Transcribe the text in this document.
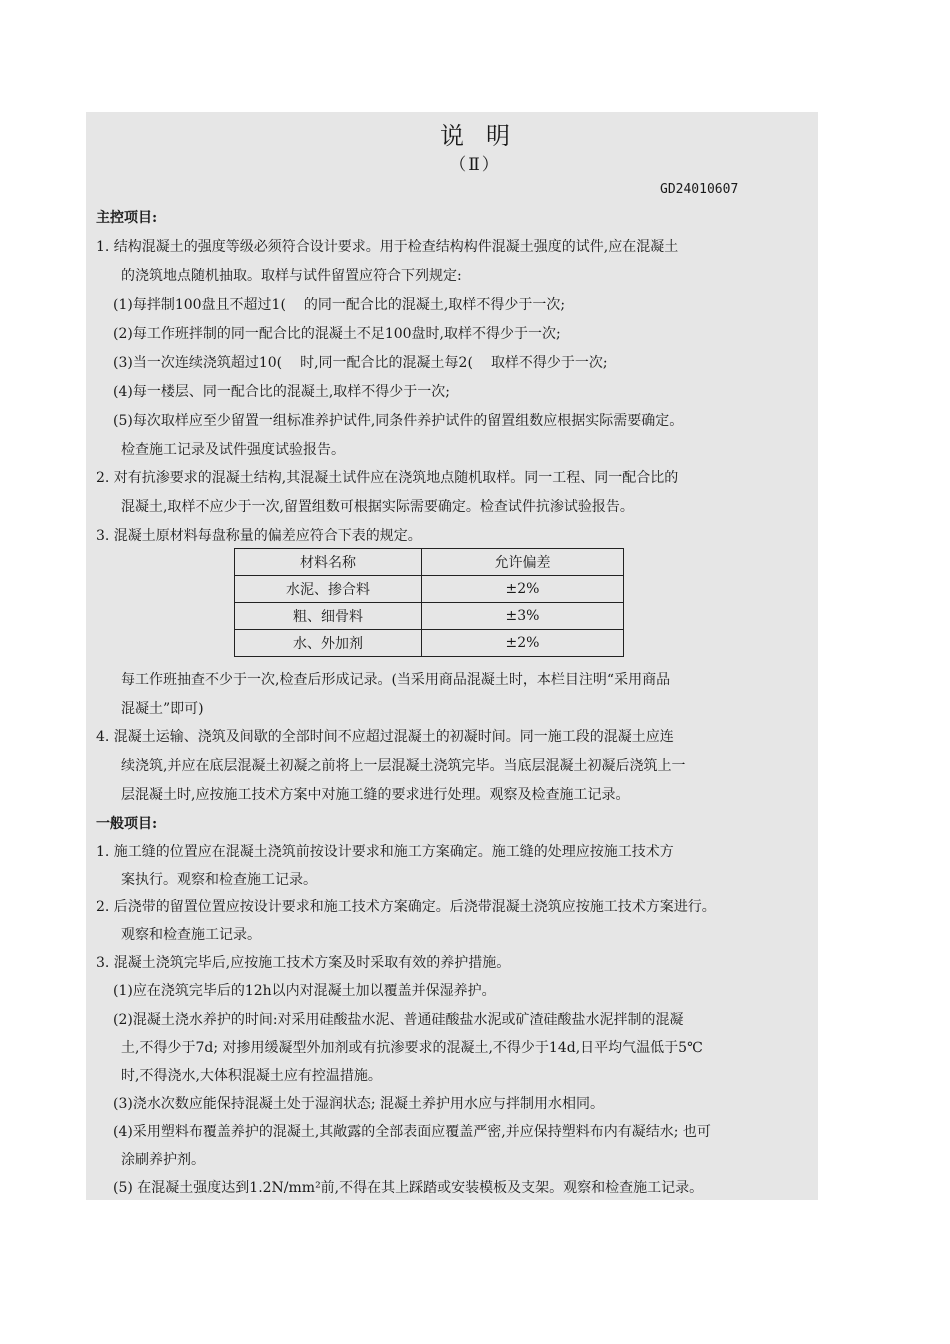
说明
（Ⅱ）
GD24010607
主控项目:
1. 结构混凝土的强度等级必须符合设计要求。用于检查结构构件混凝土强度的试件,应在混凝土
的浇筑地点随机抽取。取样与试件留置应符合下列规定:
(1)每拌制100盘且不超过1( 的同一配合比的混凝土,取样不得少于一次;
(2)每工作班拌制的同一配合比的混凝土不足100盘时,取样不得少于一次;
(3)当一次连续浇筑超过10( 时,同一配合比的混凝土每2( 取样不得少于一次;
(4)每一楼层、同一配合比的混凝土,取样不得少于一次;
(5)每次取样应至少留置一组标准养护试件,同条件养护试件的留置组数应根据实际需要确定。
检查施工记录及试件强度试验报告。
2. 对有抗渗要求的混凝土结构,其混凝土试件应在浇筑地点随机取样。同一工程、同一配合比的
混凝土,取样不应少于一次,留置组数可根据实际需要确定。检查试件抗渗试验报告。
3. 混凝土原材料每盘称量的偏差应符合下表的规定。
材料名称	允许偏差
水泥、掺合料	±2%
粗、细骨料	±3%
水、外加剂	±2%
每工作班抽查不少于一次,检查后形成记录。(当采用商品混凝土时，本栏目注明“采用商品
混凝土”即可)
4. 混凝土运输、浇筑及间歇的全部时间不应超过混凝土的初凝时间。同一施工段的混凝土应连
续浇筑,并应在底层混凝土初凝之前将上一层混凝土浇筑完毕。当底层混凝土初凝后浇筑上一
层混凝土时,应按施工技术方案中对施工缝的要求进行处理。观察及检查施工记录。
一般项目:
1. 施工缝的位置应在混凝土浇筑前按设计要求和施工方案确定。施工缝的处理应按施工技术方
案执行。观察和检查施工记录。
2. 后浇带的留置位置应按设计要求和施工技术方案确定。后浇带混凝土浇筑应按施工技术方案进行。
观察和检查施工记录。
3. 混凝土浇筑完毕后,应按施工技术方案及时采取有效的养护措施。
(1)应在浇筑完毕后的12h以内对混凝土加以覆盖并保湿养护。
(2)混凝土浇水养护的时间:对采用硅酸盐水泥、普通硅酸盐水泥或矿渣硅酸盐水泥拌制的混凝
土,不得少于7d; 对掺用缓凝型外加剂或有抗渗要求的混凝土,不得少于14d,日平均气温低于5℃
时,不得浇水,大体积混凝土应有控温措施。
(3)浇水次数应能保持混凝土处于湿润状态; 混凝土养护用水应与拌制用水相同。
(4)采用塑料布覆盖养护的混凝土,其敞露的全部表面应覆盖严密,并应保持塑料布内有凝结水; 也可
涂刷养护剂。
(5) 在混凝土强度达到1.2N/mm²前,不得在其上踩踏或安装模板及支架。观察和检查施工记录。
